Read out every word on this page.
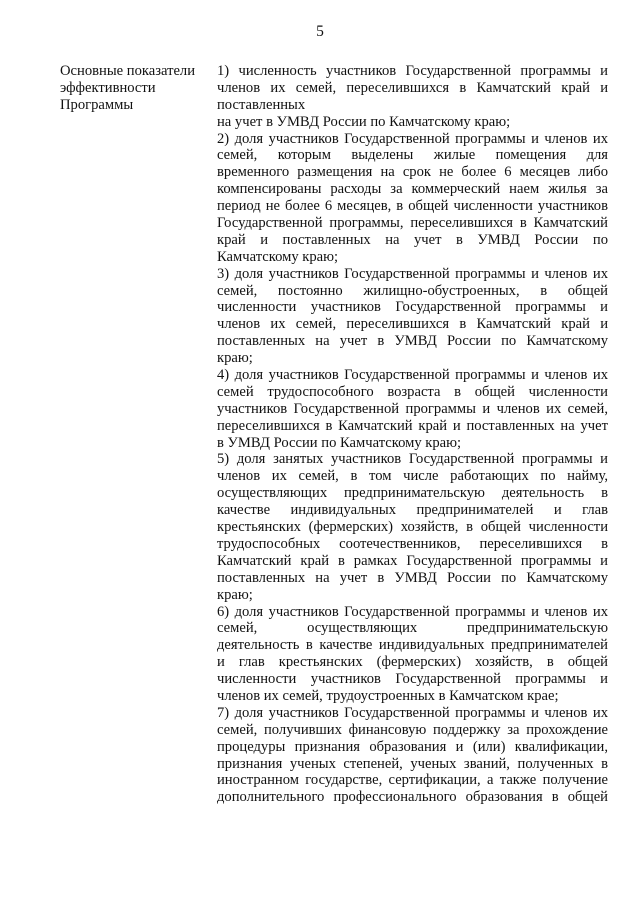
5
Основные показатели
эффективности
Программы
1) численность участников Государственной программы и
членов их семей, переселившихся в Камчатский край и
поставленных
на учет в УМВД России по Камчатскому краю;
2) доля участников Государственной программы и членов их
семей, которым выделены жилые помещения для
временного размещения на срок не более 6 месяцев либо
компенсированы расходы за коммерческий наем жилья за
период не более 6 месяцев, в общей численности участников
Государственной программы, переселившихся в Камчатский
край и поставленных на учет в УМВД России по
Камчатскому краю;
3) доля участников Государственной программы и членов их
семей, постоянно жилищно-обустроенных, в общей
численности участников Государственной программы и
членов их семей, переселившихся в Камчатский край и
поставленных на учет в УМВД России по Камчатскому
краю;
4) доля участников Государственной программы и членов их
семей трудоспособного возраста в общей численности
участников Государственной программы и членов их семей,
переселившихся в Камчатский край и поставленных на учет
в УМВД России по Камчатскому краю;
5) доля занятых участников Государственной программы и
членов их семей, в том числе работающих по найму,
осуществляющих предпринимательскую деятельность в
качестве индивидуальных предпринимателей и глав
крестьянских (фермерских) хозяйств, в общей численности
трудоспособных соотечественников, переселившихся в
Камчатский край в рамках Государственной программы и
поставленных на учет в УМВД России по Камчатскому
краю;
6) доля участников Государственной программы и членов их
семей, осуществляющих предпринимательскую
деятельность в качестве индивидуальных предпринимателей
и глав крестьянских (фермерских) хозяйств, в общей
численности участников Государственной программы и
членов их семей, трудоустроенных в Камчатском крае;
7) доля участников Государственной программы и членов их
семей, получивших финансовую поддержку за прохождение
процедуры признания образования и (или) квалификации,
признания ученых степеней, ученых званий, полученных в
иностранном государстве, сертификации, а также получение
дополнительного профессионального образования в общей
